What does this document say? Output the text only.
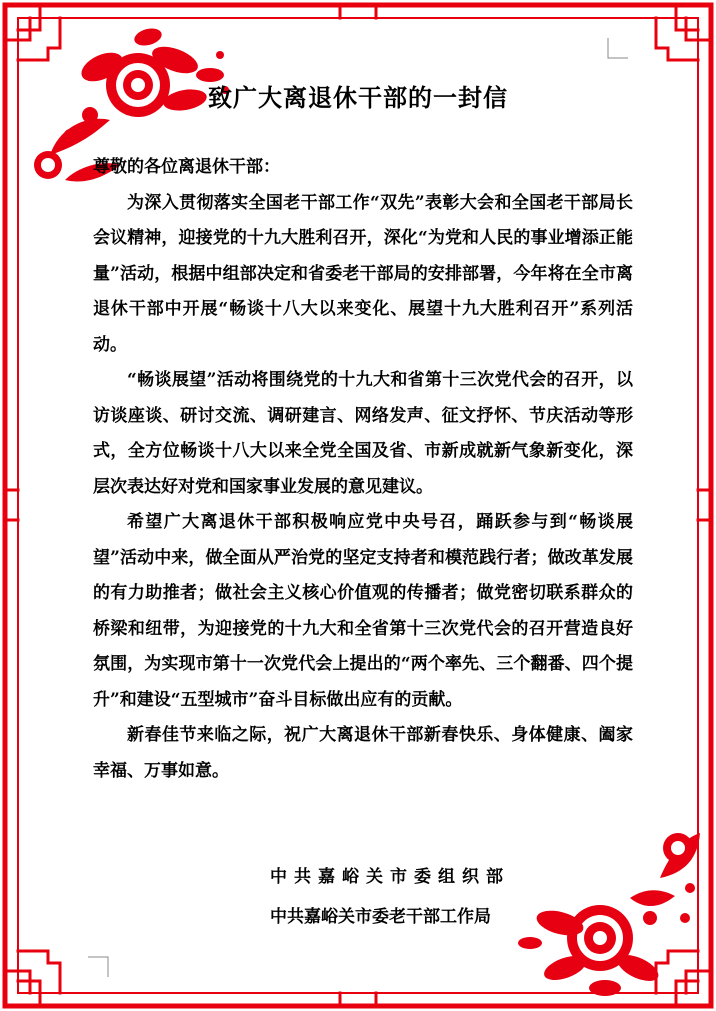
致广大离退休干部的一封信

尊敬的各位离退休干部：

为深入贯彻落实全国老干部工作“双先”表彰大会和全国老干部局长会议精神，迎接党的十九大胜利召开，深化“为党和人民的事业增添正能量”活动，根据中组部决定和省委老干部局的安排部署，今年将在全市离退休干部中开展“畅谈十八大以来变化、展望十九大胜利召开”系列活动。

“畅谈展望”活动将围绕党的十九大和省第十三次党代会的召开，以访谈座谈、研讨交流、调研建言、网络发声、征文抒怀、节庆活动等形式，全方位畅谈十八大以来全党全国及省、市新成就新气象新变化，深层次表达好对党和国家事业发展的意见建议。

希望广大离退休干部积极响应党中央号召，踊跃参与到“畅谈展望”活动中来，做全面从严治党的坚定支持者和模范践行者；做改革发展的有力助推者；做社会主义核心价值观的传播者；做党密切联系群众的桥梁和纽带，为迎接党的十九大和全省第十三次党代会的召开营造良好氛围，为实现市第十一次党代会上提出的“两个率先、三个翻番、四个提升”和建设“五型城市”奋斗目标做出应有的贡献。

新春佳节来临之际，祝广大离退休干部新春快乐、身体健康、阖家幸福、万事如意。

中共嘉峪关市委组织部
中共嘉峪关市委老干部工作局
